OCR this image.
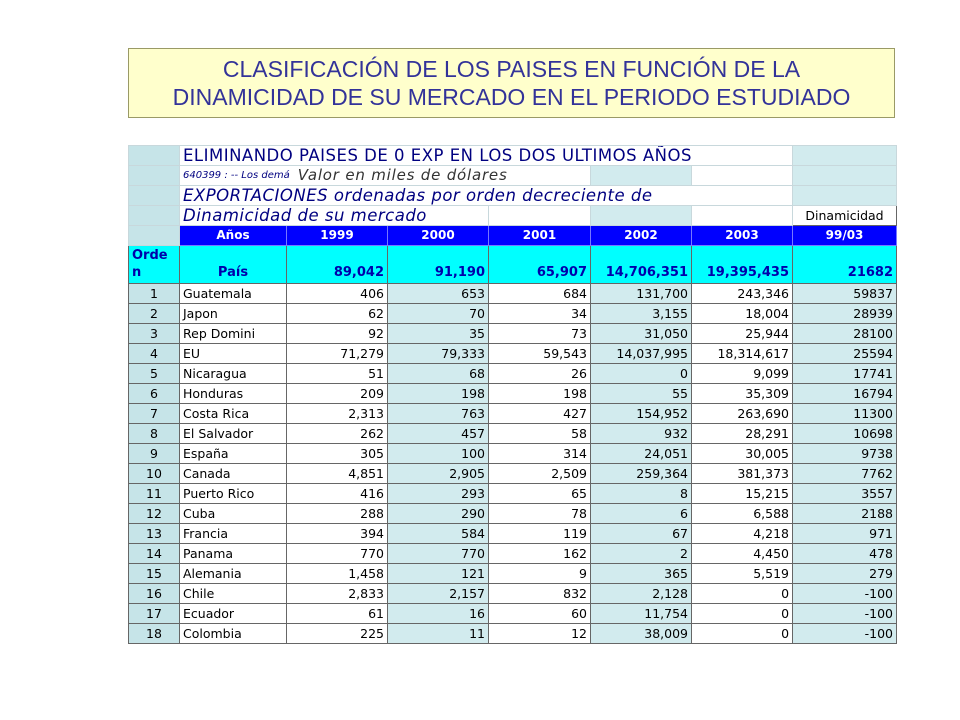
CLASIFICACIÓN DE LOS PAISES EN FUNCIÓN DE LA
DINAMICIDAD DE SU MERCADO EN EL PERIODO ESTUDIADO
	ELIMINANDO PAISES DE 0 EXP EN LOS DOS ULTIMOS AÑOS						

	640399 : -- Los demá Valor en miles de dólares						

	EXPORTACIONES ordenadas por orden decreciente de						
	Dinamicidad de su mercado						Dinamicidad
	Años	1999	2000	2001	2002	2003	99/03
Orde n	País	89,042	91,190	65,907	14,706,351	19,395,435	21682
1	Guatemala	406	653	684	131,700	243,346	59837
2	Japon	62	70	34	3,155	18,004	28939
3	Rep Domini	92	35	73	31,050	25,944	28100
4	EU	71,279	79,333	59,543	14,037,995	18,314,617	25594
5	Nicaragua	51	68	26	0	9,099	17741
6	Honduras	209	198	198	55	35,309	16794
7	Costa Rica	2,313	763	427	154,952	263,690	11300
8	El Salvador	262	457	58	932	28,291	10698
9	España	305	100	314	24,051	30,005	9738
10	Canada	4,851	2,905	2,509	259,364	381,373	7762
11	Puerto Rico	416	293	65	8	15,215	3557
12	Cuba	288	290	78	6	6,588	2188
13	Francia	394	584	119	67	4,218	971
14	Panama	770	770	162	2	4,450	478
15	Alemania	1,458	121	9	365	5,519	279
16	Chile	2,833	2,157	832	2,128	0	-100
17	Ecuador	61	16	60	11,754	0	-100
18	Colombia	225	11	12	38,009	0	-100
